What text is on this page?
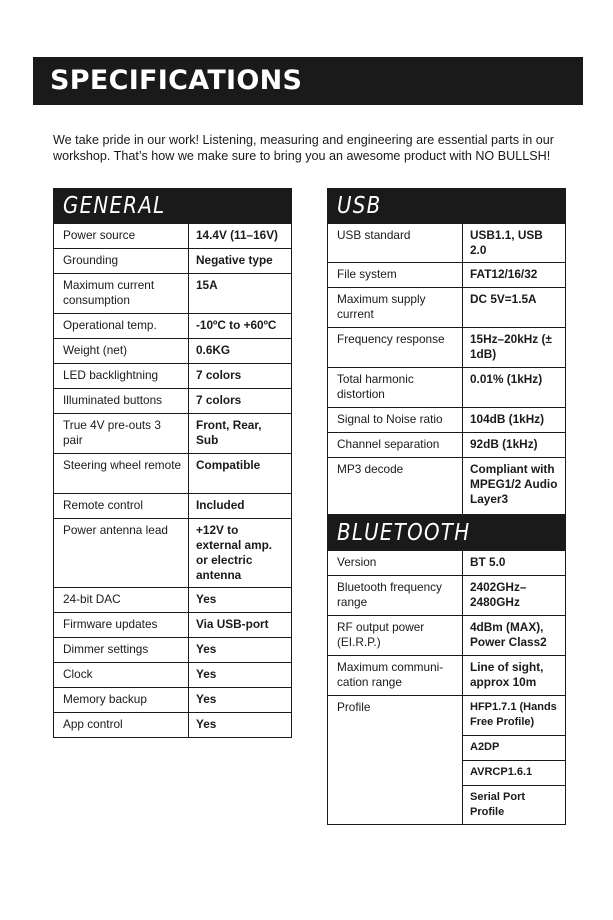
SPECIFICATIONS

We take pride in our work! Listening, measuring and engineering are essential parts in our workshop. That’s how we make sure to bring you an awesome product with NO BULLSH!

GENERAL
Power source	14.4V (11–16V)
Grounding	Negative type
Maximum current consumption	15A
Operational temp.	-10ºC to +60ºC
Weight (net)	0.6KG
LED backlightning	7 colors
Illuminated buttons	7 colors
True 4V pre-outs 3 pair	Front, Rear, Sub
Steering wheel remote	Compatible
Remote control	Included
Power antenna lead	+12V to external amp. or electric antenna
24-bit DAC	Yes
Firmware updates	Via USB-port
Dimmer settings	Yes
Clock	Yes
Memory backup	Yes
App control	Yes
USB
USB standard	USB1.1, USB 2.0
File system	FAT12/16/32
Maximum supply current	DC 5V=1.5A
Frequency response	15Hz–20kHz (± 1dB)
Total harmonic distortion	0.01% (1kHz)
Signal to Noise ratio	104dB (1kHz)
Channel separation	92dB (1kHz)
MP3 decode	Compliant with MPEG1/2 Audio Layer3
BLUETOOTH
Version	BT 5.0
Bluetooth frequency range	2402GHz–2480GHz
RF output power (EI.R.P.)	4dBm (MAX), Power Class2
Maximum communi-cation range	Line of sight, approx 10m
Profile	HFP1.7.1 (Hands Free Profile)
	A2DP
	AVRCP1.6.1
	Serial Port Profile
